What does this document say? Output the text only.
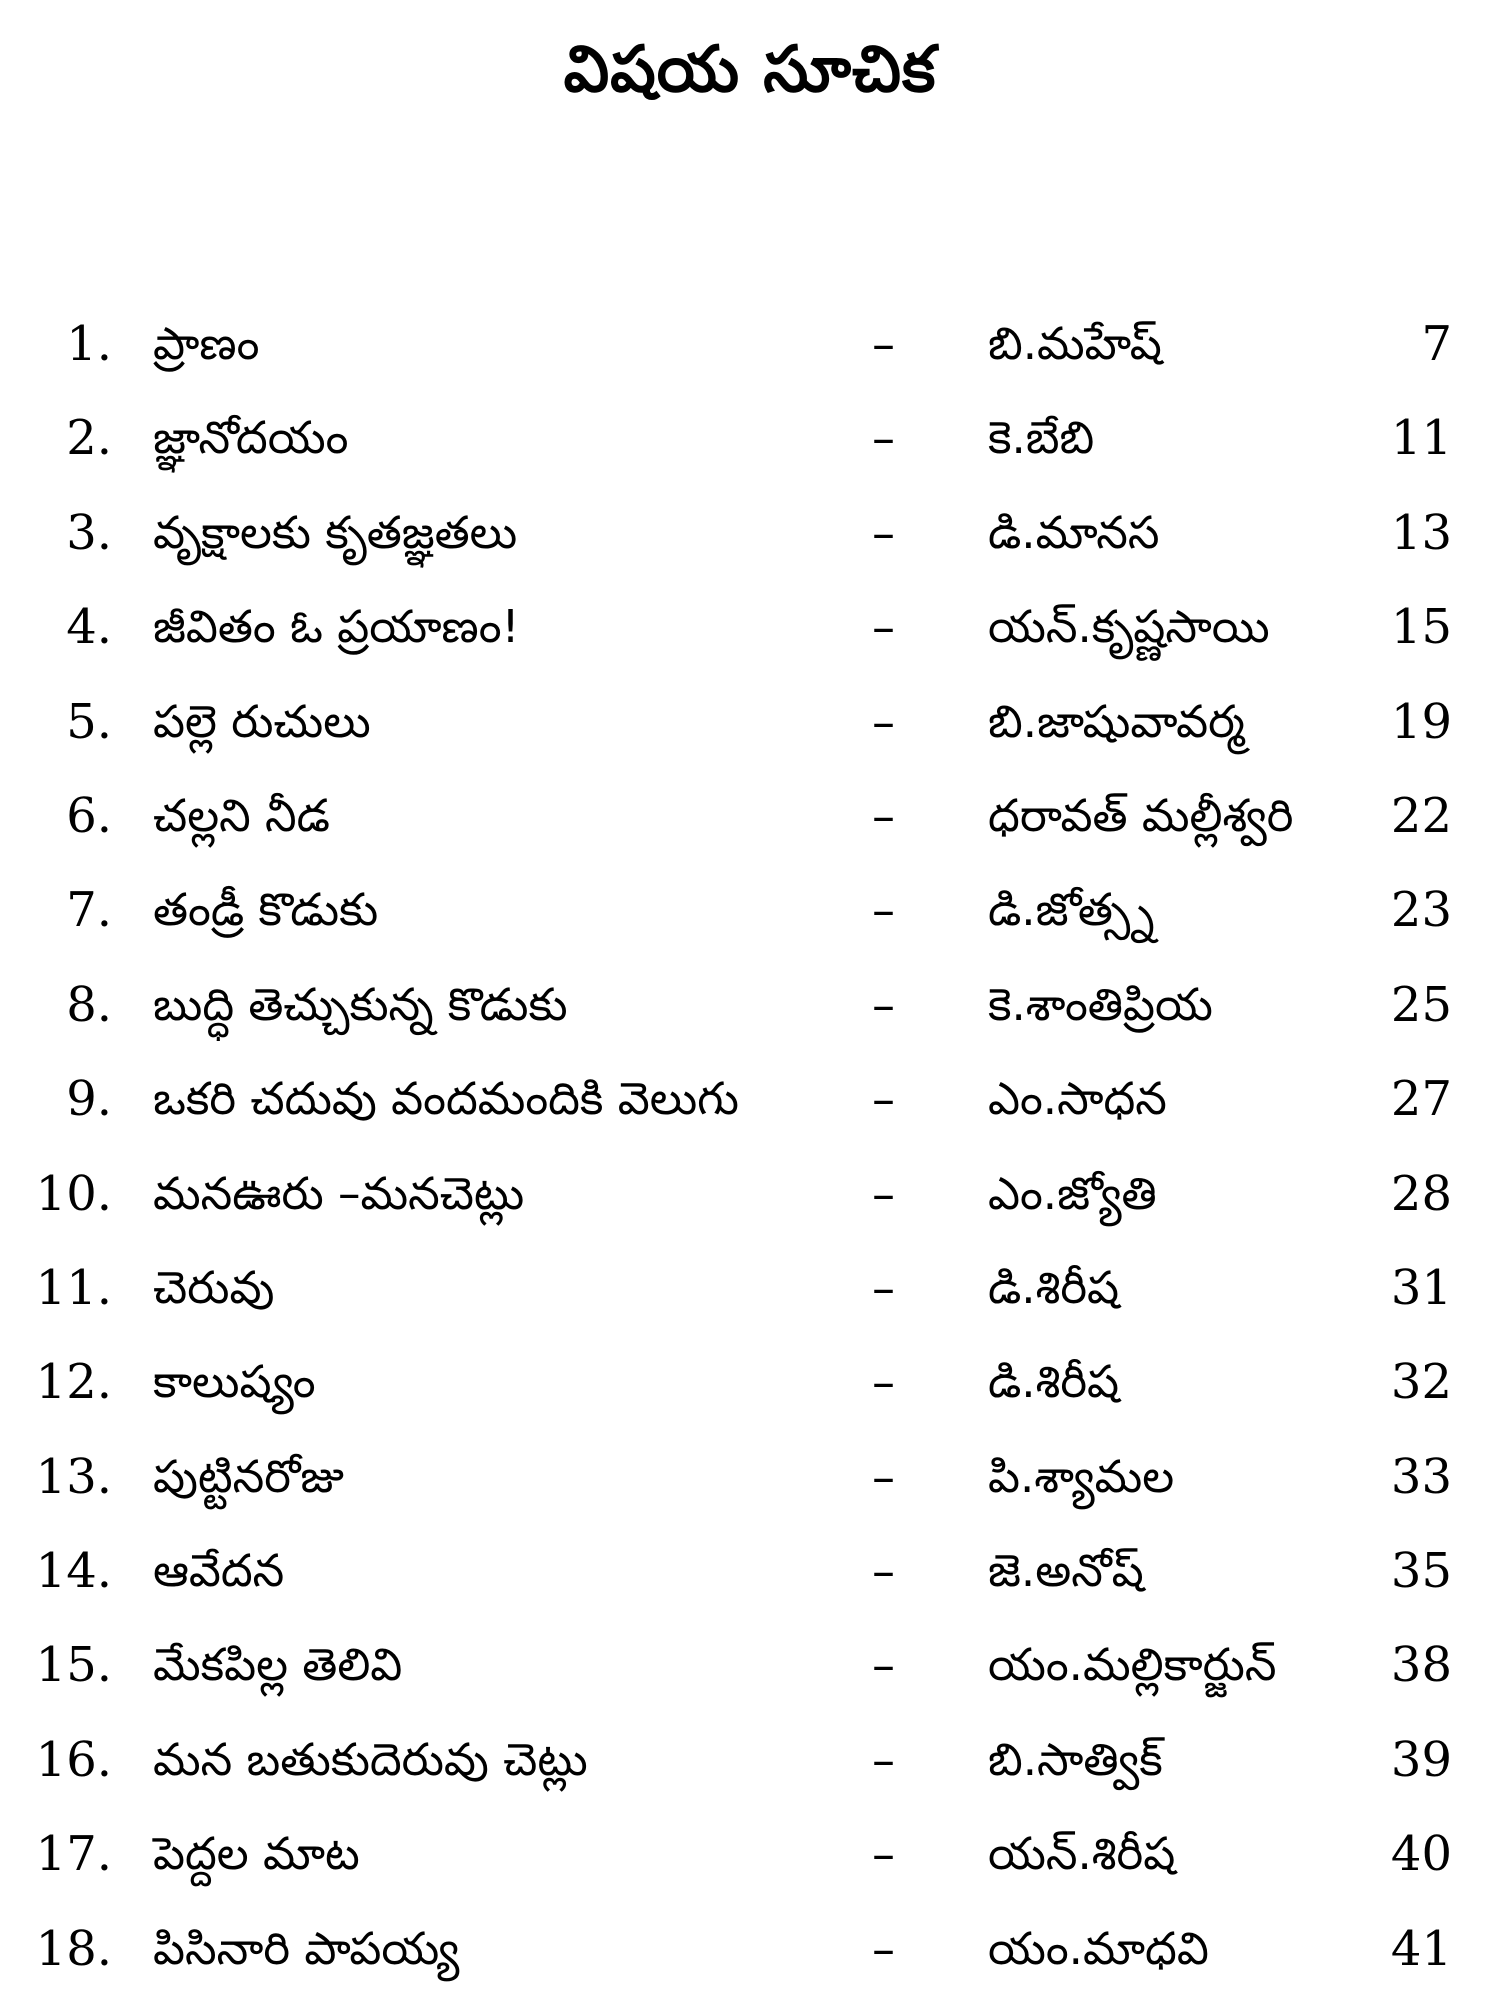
విషయ సూచిక
1. ప్రాణం	– బి.మహేష్	7
2. జ్ఞానోదయం	– కె.బేబి	11
3. వృక్షాలకు కృతజ్ఞతలు	– డి.మానస	13
4. జీవితం ఓ ప్రయాణం!	– యన్.కృష్ణసాయి	15
5. పల్లె రుచులు	– బి.జాషువావర్మ	19
6. చల్లని నీడ	– ధరావత్ మల్లీశ్వరి 22
7. తండ్రీ కొడుకు	– డి.జోత్స్న	23
8. బుద్ధి తెచ్చుకున్న కొడుకు	– కె.శాంతిప్రియ	25
9. ఒకరి చదువు వందమందికి వెలుగు	– ఎం.సాధన	27
10. మనఊరు –మనచెట్లు	– ఎం.జ్యోతి	28
11. చెరువు	– డి.శిరీష	31
12. కాలుష్యం	– డి.శిరీష	32
13. పుట్టినరోజు	– పి.శ్యామల	33
14. ఆవేదన	– జె.అనోష్	35
15. మేకపిల్ల తెలివి	– యం.మల్లికార్జున్ 38
16. మన బతుకుదెరువు చెట్లు	– బి.సాత్విక్	39
17. పెద్దల మాట	– యన్.శిరీష	40
18. పిసినారి పాపయ్య	– యం.మాధవి	41
